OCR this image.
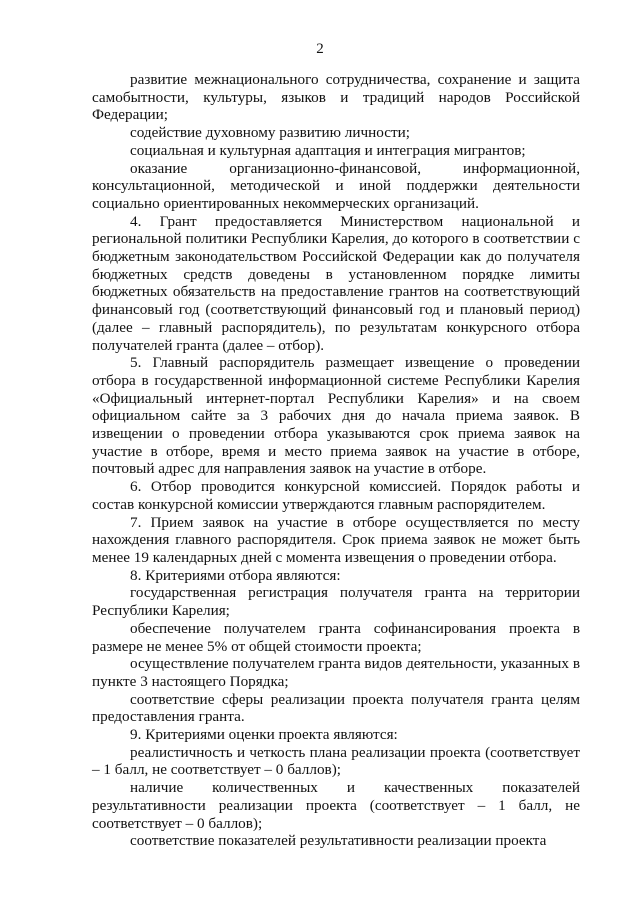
2

развитие межнационального сотрудничества, сохранение и защита самобытности, культуры, языков и традиций народов Российской Федерации;

содействие духовному развитию личности;

социальная и культурная адаптация и интеграция мигрантов;

оказание организационно-финансовой, информационной, консультационной, методической и иной поддержки деятельности социально ориентированных некоммерческих организаций.

4. Грант предоставляется Министерством национальной и региональной политики Республики Карелия, до которого в соответствии с бюджетным законодательством Российской Федерации как до получателя бюджетных средств доведены в установленном порядке лимиты бюджетных обязательств на предоставление грантов на соответствующий финансовый год (соответствующий финансовый год и плановый период) (далее – главный распорядитель), по результатам конкурсного отбора получателей гранта (далее – отбор).

5. Главный распорядитель размещает извещение о проведении отбора в государственной информационной системе Республики Карелия «Официальный интернет-портал Республики Карелия» и на своем официальном сайте за 3 рабочих дня до начала приема заявок. В извещении о проведении отбора указываются срок приема заявок на участие в отборе, время и место приема заявок на участие в отборе, почтовый адрес для направления заявок на участие в отборе.

6. Отбор проводится конкурсной комиссией. Порядок работы и состав конкурсной комиссии утверждаются главным распорядителем.

7. Прием заявок на участие в отборе осуществляется по месту нахождения главного распорядителя. Срок приема заявок не может быть менее 19 календарных дней с момента извещения о проведении отбора.

8. Критериями отбора являются:

государственная регистрация получателя гранта на территории Республики Карелия;

обеспечение получателем гранта софинансирования проекта в размере не менее 5% от общей стоимости проекта;

осуществление получателем гранта видов деятельности, указанных в пункте 3 настоящего Порядка;

соответствие сферы реализации проекта получателя гранта целям предоставления гранта.

9. Критериями оценки проекта являются:

реалистичность и четкость плана реализации проекта (соответствует – 1 балл, не соответствует – 0 баллов);

наличие количественных и качественных показателей результативности реализации проекта (соответствует – 1 балл, не соответствует – 0 баллов);

соответствие показателей результативности реализации проекта
